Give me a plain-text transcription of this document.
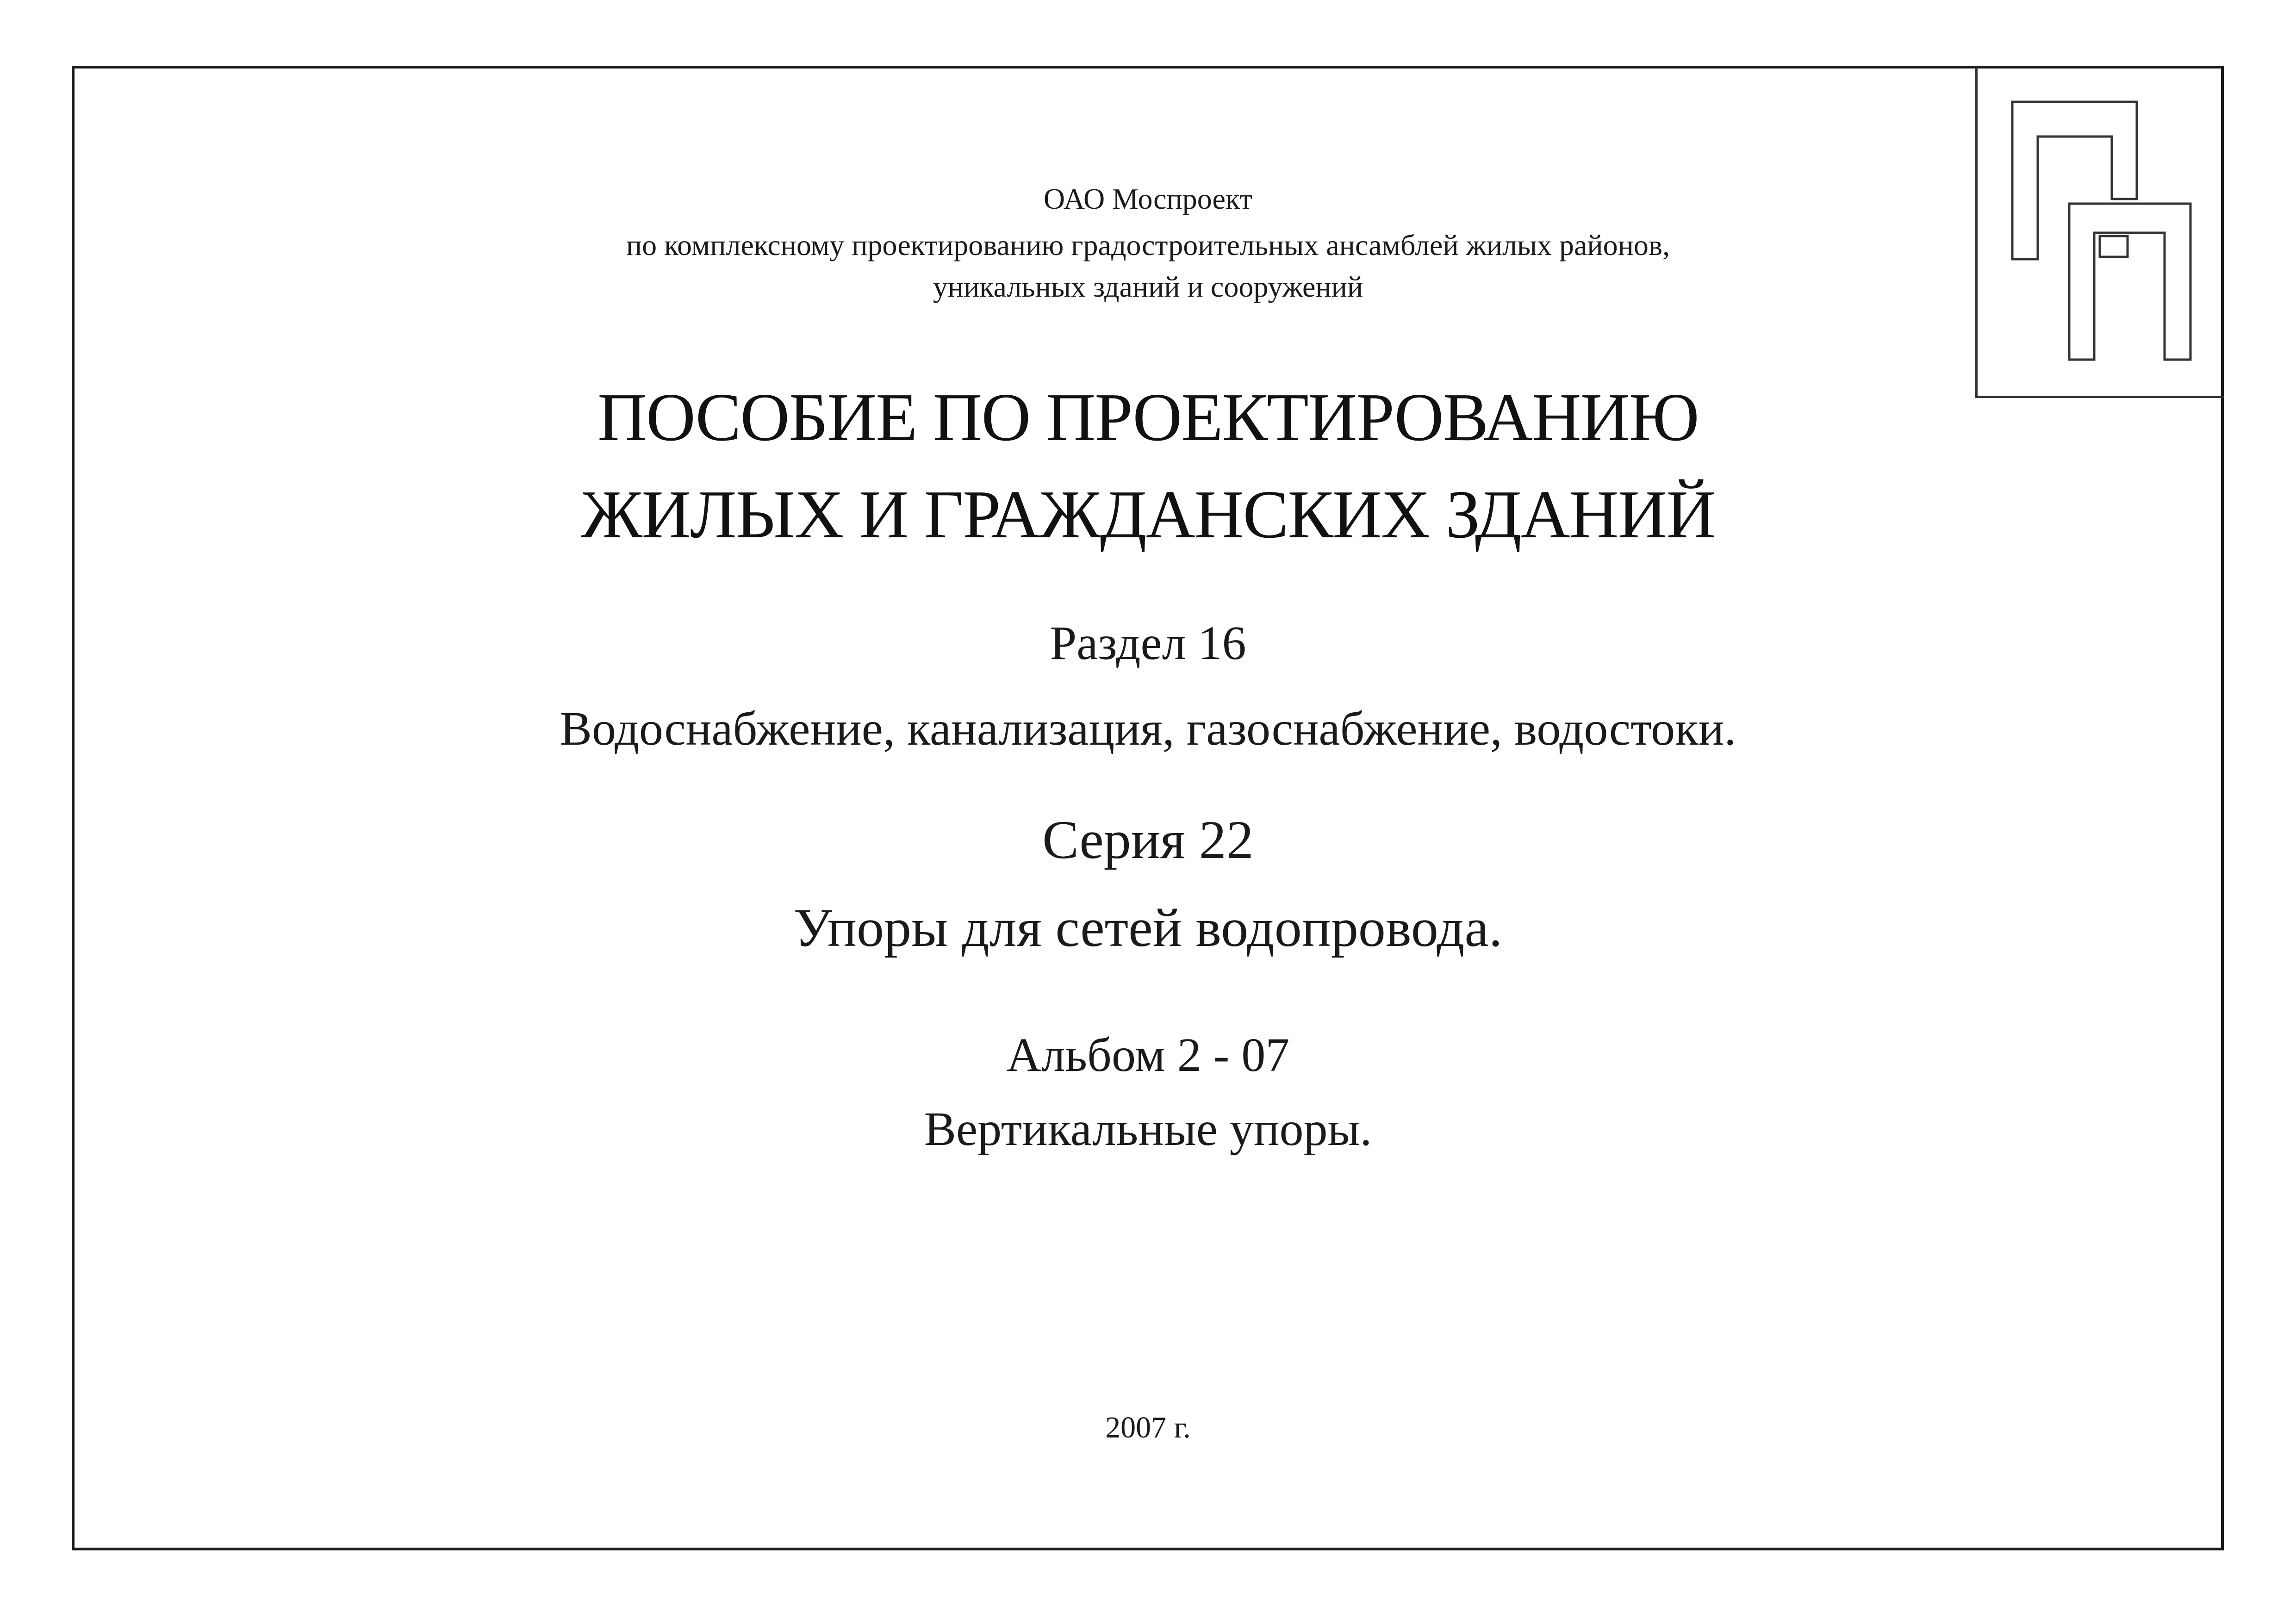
ОАО Моспроект
по комплексному проектированию градостроительных ансамблей жилых районов,
уникальных зданий и сооружений
ПОСОБИЕ ПО ПРОЕКТИРОВАНИЮ
ЖИЛЫХ И ГРАЖДАНСКИХ ЗДАНИЙ
Раздел 16
Водоснабжение, канализация, газоснабжение, водостоки.
Серия 22
Упоры для сетей водопровода.
Альбом 2 - 07
Вертикальные упоры.
2007 г.
